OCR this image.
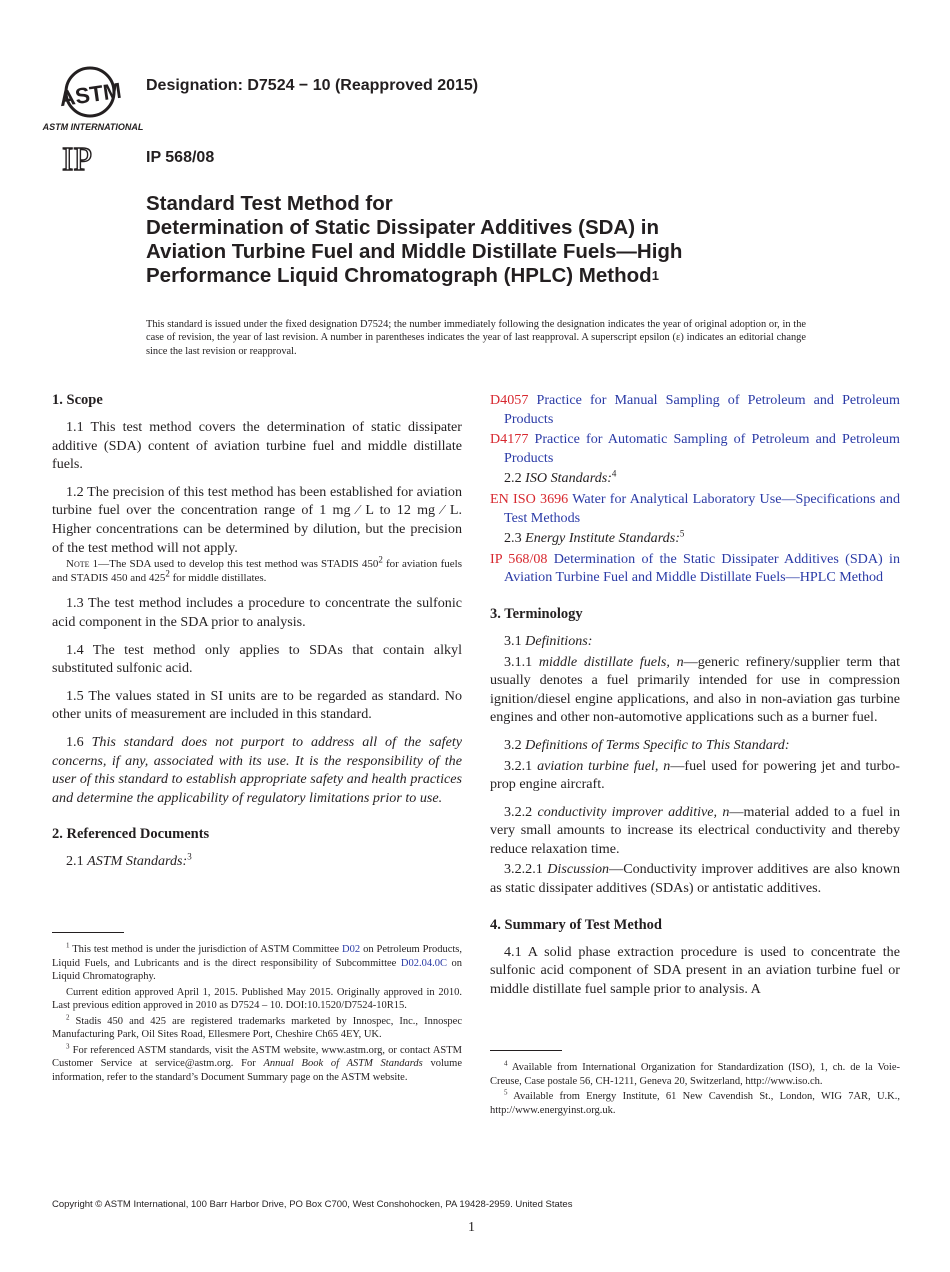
ASTM
ASTM INTERNATIONAL
IP
Designation: D7524 − 10 (Reapproved 2015)
IP 568/08
Standard Test Method for
Determination of Static Dissipater Additives (SDA) in
Aviation Turbine Fuel and Middle Distillate Fuels—High
Performance Liquid Chromatograph (HPLC) Method$^1$
This standard is issued under the fixed designation D7524; the number immediately following the designation indicates the year of original adoption or, in the case of revision, the year of last revision. A number in parentheses indicates the year of last reapproval. A superscript epsilon (ε) indicates an editorial change since the last revision or reapproval.
1. Scope

1.1 This test method covers the determination of static dissipater additive (SDA) content of aviation turbine fuel and middle distillate fuels.

1.2 The precision of this test method has been established for aviation turbine fuel over the concentration range of 1 mg ⁄ L to 12 mg ⁄ L. Higher concentrations can be determined by dilution, but the precision of the test method will not apply.

Note 1—The SDA used to develop this test method was STADIS $450^2$ for aviation fuels and STADIS 450 and $425^2$ for middle distillates.

1.3 The test method includes a procedure to concentrate the sulfonic acid component in the SDA prior to analysis.

1.4 The test method only applies to SDAs that contain alkyl substituted sulfonic acid.

1.5 The values stated in SI units are to be regarded as standard. No other units of measurement are included in this standard.

1.6 This standard does not purport to address all of the safety concerns, if any, associated with its use. It is the responsibility of the user of this standard to establish appropriate safety and health practices and determine the applicability of regulatory limitations prior to use.

2. Referenced Documents

2.1 ASTM Standards:$^3$

$^1$ This test method is under the jurisdiction of ASTM Committee D02 on Petroleum Products, Liquid Fuels, and Lubricants and is the direct responsibility of Subcommittee D02.04.0C on Liquid Chromatography.
Current edition approved April 1, 2015. Published May 2015. Originally approved in 2010. Last previous edition approved in 2010 as D7524 – 10. DOI:10.1520/D7524-10R15.
$^2$ Stadis 450 and 425 are registered trademarks marketed by Innospec, Inc., Innospec Manufacturing Park, Oil Sites Road, Ellesmere Port, Cheshire Ch65 4EY, UK.
$^3$ For referenced ASTM standards, visit the ASTM website, www.astm.org, or contact ASTM Customer Service at service@astm.org. For Annual Book of ASTM Standards volume information, refer to the standard’s Document Summary page on the ASTM website.
D4057 Practice for Manual Sampling of Petroleum and Petroleum Products
D4177 Practice for Automatic Sampling of Petroleum and Petroleum Products

2.2 ISO Standards:$^4$

EN ISO 3696 Water for Analytical Laboratory Use—Specifications and Test Methods

2.3 Energy Institute Standards:$^5$

IP 568/08 Determination of the Static Dissipater Additives (SDA) in Aviation Turbine Fuel and Middle Distillate Fuels—HPLC Method
3. Terminology

3.1 Definitions:

3.1.1 middle distillate fuels, n—generic refinery/supplier term that usually denotes a fuel primarily intended for use in compression ignition/diesel engine applications, and also in non-aviation gas turbine engines and other non-automotive applications such as a burner fuel.

3.2 Definitions of Terms Specific to This Standard:

3.2.1 aviation turbine fuel, n—fuel used for powering jet and turbo-prop engine aircraft.

3.2.2 conductivity improver additive, n—material added to a fuel in very small amounts to increase its electrical conductivity and thereby reduce relaxation time.

3.2.2.1 Discussion—Conductivity improver additives are also known as static dissipater additives (SDAs) or antistatic additives.

4. Summary of Test Method

4.1 A solid phase extraction procedure is used to concentrate the sulfonic acid component of SDA present in an aviation turbine fuel or middle distillate fuel sample prior to analysis. A

$^4$ Available from International Organization for Standardization (ISO), 1, ch. de la Voie-Creuse, Case postale 56, CH-1211, Geneva 20, Switzerland, http://www.iso.ch.
$^5$ Available from Energy Institute, 61 New Cavendish St., London, WIG 7AR, U.K., http://www.energyinst.org.uk.
Copyright © ASTM International, 100 Barr Harbor Drive, PO Box C700, West Conshohocken, PA 19428-2959. United States
1
